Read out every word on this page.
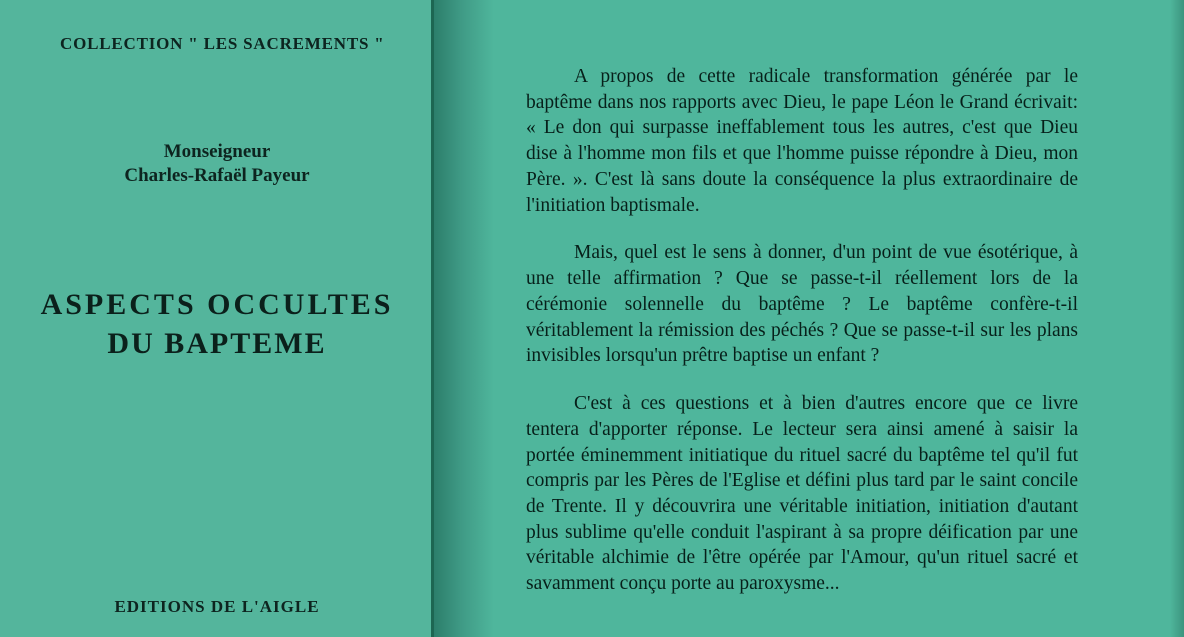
COLLECTION " LES SACREMENTS "
Monseigneur
Charles-Rafaël Payeur
ASPECTS OCCULTES
DU BAPTEME
EDITIONS DE L'AIGLE

A propos de cette radicale transformation générée par le baptême dans nos rapports avec Dieu, le pape Léon le Grand écrivait: « Le don qui surpasse ineffablement tous les autres, c'est que Dieu dise à l'homme mon fils et que l'homme puisse répondre à Dieu, mon Père. ». C'est là sans doute la conséquence la plus extraordinaire de l'initiation baptismale.

Mais, quel est le sens à donner, d'un point de vue ésotérique, à une telle affirmation ? Que se passe-t-il réellement lors de la cérémonie solennelle du baptême ? Le baptême confère-t-il véritablement la rémission des péchés ? Que se passe-t-il sur les plans invisibles lorsqu'un prêtre baptise un enfant ?

C'est à ces questions et à bien d'autres encore que ce livre tentera d'apporter réponse. Le lecteur sera ainsi amené à saisir la portée éminemment initiatique du rituel sacré du baptême tel qu'il fut compris par les Pères de l'Eglise et défini plus tard par le saint concile de Trente. Il y découvrira une véritable initiation, initiation d'autant plus sublime qu'elle conduit l'aspirant à sa propre déification par une véritable alchimie de l'être opérée par l'Amour, qu'un rituel sacré et savamment conçu porte au paroxysme...
